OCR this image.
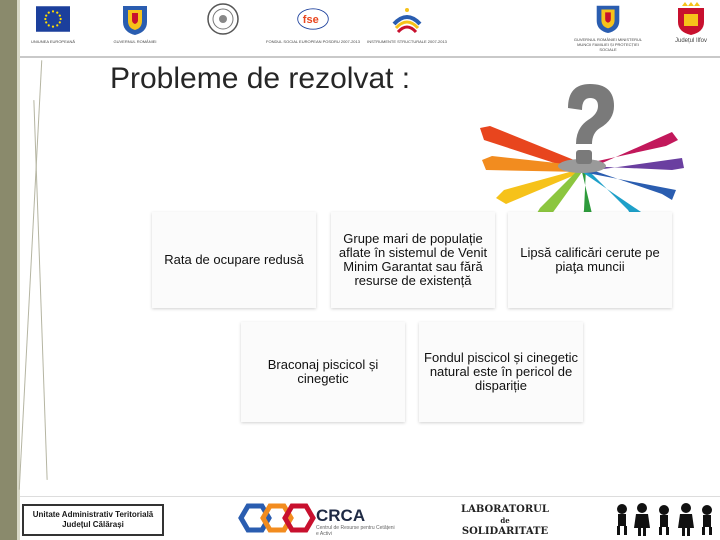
UNIUNEA EUROPEANĂ	GUVERNUL ROMÂNIEI
fse
FONDUL SOCIAL EUROPEAN POSDRU 2007-2013 INSTRUMENTE STRUCTURALE 2007-2013	GUVERNUL ROMÂNIEI MINISTERUL MUNCII FAMILIEI ȘI PROTECȚIEI SOCIALE
Județul Ilfov
Probleme de rezolvat :
Rata de ocupare redusă
Grupe mari de populație aflate în sistemul de Venit Minim Garantat sau fără resurse de existență
Lipsă calificări cerute pe piaţa muncii
Braconaj piscicol și cinegetic
Fondul piscicol și cinegetic natural este în pericol de dispariție
Unitate Administrativ Teritorială
Județul Călărași	CRCA
Centrul de Resurse pentru Cetățeni e Activi
LABORATORUL
de
SOLIDARITATE
